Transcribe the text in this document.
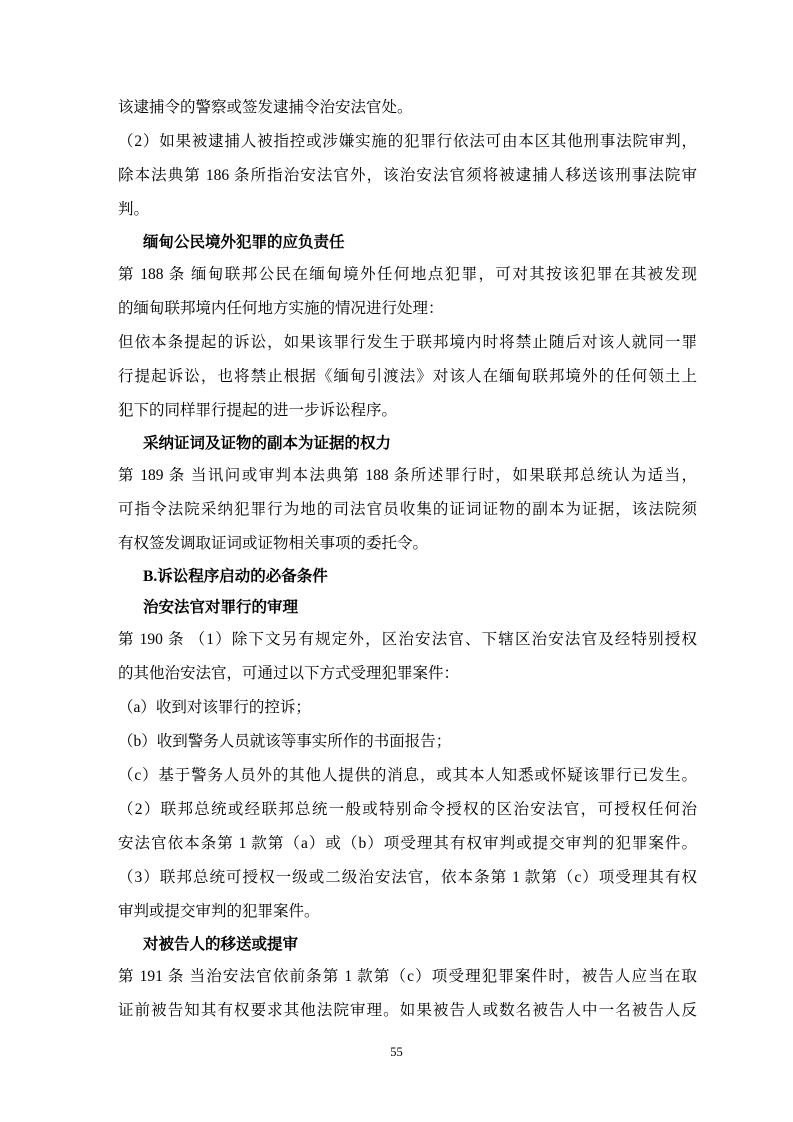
该逮捕令的警察或签发逮捕令治安法官处。
（2）如果被逮捕人被指控或涉嫌实施的犯罪行依法可由本区其他刑事法院审判，
除本法典第 186 条所指治安法官外，该治安法官须将被逮捕人移送该刑事法院审
判。
缅甸公民境外犯罪的应负责任
第 188 条 缅甸联邦公民在缅甸境外任何地点犯罪，可对其按该犯罪在其被发现
的缅甸联邦境内任何地方实施的情况进行处理：
但依本条提起的诉讼，如果该罪行发生于联邦境内时将禁止随后对该人就同一罪
行提起诉讼，也将禁止根据《缅甸引渡法》对该人在缅甸联邦境外的任何领土上
犯下的同样罪行提起的进一步诉讼程序。
采纳证词及证物的副本为证据的权力
第 189 条 当讯问或审判本法典第 188 条所述罪行时，如果联邦总统认为适当，
可指令法院采纳犯罪行为地的司法官员收集的证词证物的副本为证据，该法院须
有权签发调取证词或证物相关事项的委托令。
B.诉讼程序启动的必备条件
治安法官对罪行的审理
第 190 条 （1）除下文另有规定外，区治安法官、下辖区治安法官及经特别授权
的其他治安法官，可通过以下方式受理犯罪案件：
（a）收到对该罪行的控诉；
（b）收到警务人员就该等事实所作的书面报告；
（c）基于警务人员外的其他人提供的消息，或其本人知悉或怀疑该罪行已发生。
（2）联邦总统或经联邦总统一般或特别命令授权的区治安法官，可授权任何治
安法官依本条第 1 款第（a）或（b）项受理其有权审判或提交审判的犯罪案件。
（3）联邦总统可授权一级或二级治安法官，依本条第 1 款第（c）项受理其有权
审判或提交审判的犯罪案件。
对被告人的移送或提审
第 191 条 当治安法官依前条第 1 款第（c）项受理犯罪案件时，被告人应当在取
证前被告知其有权要求其他法院审理。如果被告人或数名被告人中一名被告人反
55
